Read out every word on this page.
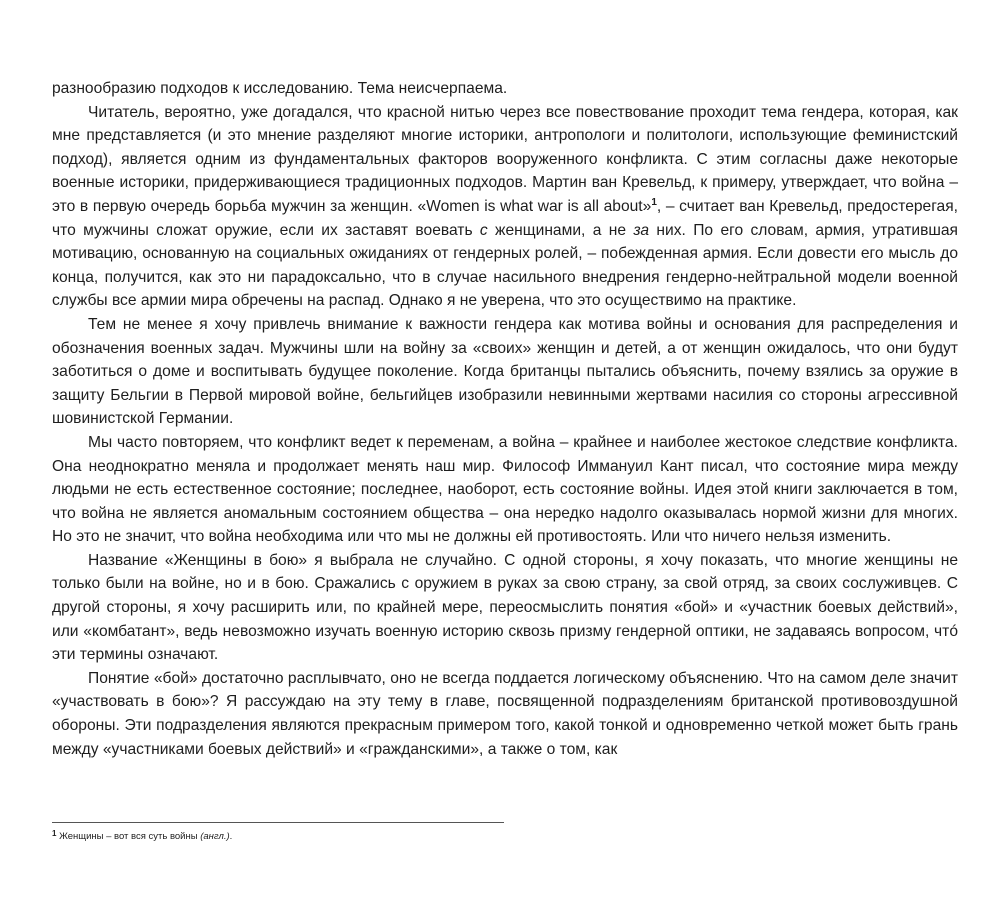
разнообразию подходов к исследованию. Тема неисчерпаема.

Читатель, вероятно, уже догадался, что красной нитью через все повествование проходит тема гендера, которая, как мне представляется (и это мнение разделяют многие историки, антропологи и политологи, использующие феминистский подход), является одним из фундаментальных факторов вооруженного конфликта. С этим согласны даже некоторые военные историки, придерживающиеся традиционных подходов. Мартин ван Кревельд, к примеру, утверждает, что война – это в первую очередь борьба мужчин за женщин. «Women is what war is all about»$^1$, – считает ван Кревельд, предостерегая, что мужчины сложат оружие, если их заставят воевать с женщинами, а не за них. По его словам, армия, утратившая мотивацию, основанную на социальных ожиданиях от гендерных ролей, – побежденная армия. Если довести его мысль до конца, получится, как это ни парадоксально, что в случае насильного внедрения гендерно-нейтральной модели военной службы все армии мира обречены на распад. Однако я не уверена, что это осуществимо на практике.

Тем не менее я хочу привлечь внимание к важности гендера как мотива войны и основания для распределения и обозначения военных задач. Мужчины шли на войну за «своих» женщин и детей, а от женщин ожидалось, что они будут заботиться о доме и воспитывать будущее поколение. Когда британцы пытались объяснить, почему взялись за оружие в защиту Бельгии в Первой мировой войне, бельгийцев изобразили невинными жертвами насилия со стороны агрессивной шовинистской Германии.

Мы часто повторяем, что конфликт ведет к переменам, а война – крайнее и наиболее жестокое следствие конфликта. Она неоднократно меняла и продолжает менять наш мир. Философ Иммануил Кант писал, что состояние мира между людьми не есть естественное состояние; последнее, наоборот, есть состояние войны. Идея этой книги заключается в том, что война не является аномальным состоянием общества – она нередко надолго оказывалась нормой жизни для многих. Но это не значит, что война необходима или что мы не должны ей противостоять. Или что ничего нельзя изменить.

Название «Женщины в бою» я выбрала не случайно. С одной стороны, я хочу показать, что многие женщины не только были на войне, но и в бою. Сражались с оружием в руках за свою страну, за свой отряд, за своих сослуживцев. С другой стороны, я хочу расширить или, по крайней мере, переосмыслить понятия «бой» и «участник боевых действий», или «комбатант», ведь невозможно изучать военную историю сквозь призму гендерной оптики, не задаваясь вопросом, чтó эти термины означают.

Понятие «бой» достаточно расплывчато, оно не всегда поддается логическому объяснению. Что на самом деле значит «участвовать в бою»? Я рассуждаю на эту тему в главе, посвященной подразделениям британской противовоздушной обороны. Эти подразделения являются прекрасным примером того, какой тонкой и одновременно четкой может быть грань между «участниками боевых действий» и «гражданскими», а также о том, как

$^1$ Женщины – вот вся суть войны (англ.).
